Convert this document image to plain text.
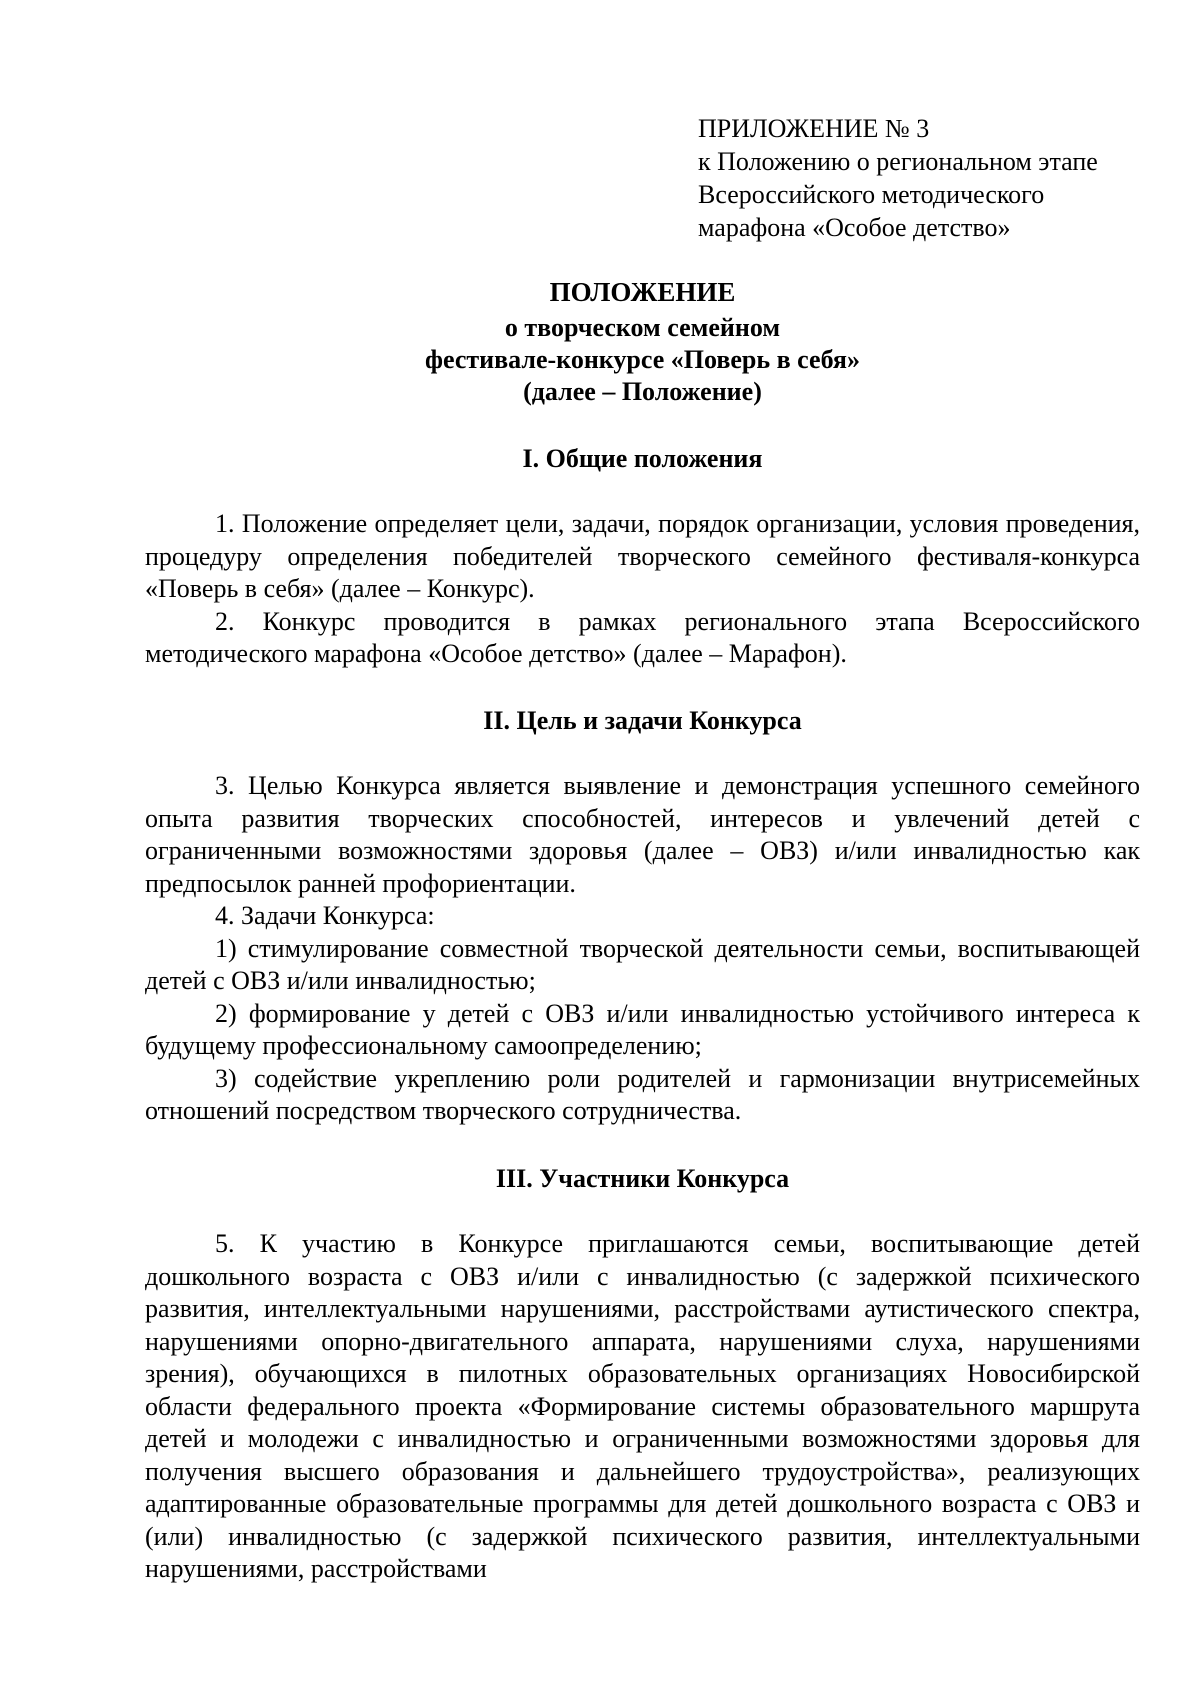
ПРИЛОЖЕНИЕ № 3
к Положению о региональном этапе
Всероссийского методического
марафона «Особое детство»
ПОЛОЖЕНИЕ
о творческом семейном
фестивале-конкурсе «Поверь в себя»
(далее – Положение)
I. Общие положения

1. Положение определяет цели, задачи, порядок организации, условия проведения, процедуру определения победителей творческого семейного фестиваля-конкурса «Поверь в себя» (далее – Конкурс).

2. Конкурс проводится в рамках регионального этапа Всероссийского методического марафона «Особое детство» (далее – Марафон).

II. Цель и задачи Конкурса

3. Целью Конкурса является выявление и демонстрация успешного семейного опыта развития творческих способностей, интересов и увлечений детей с ограниченными возможностями здоровья (далее – ОВЗ) и/или инвалидностью как предпосылок ранней профориентации.

4. Задачи Конкурса:

1) стимулирование совместной творческой деятельности семьи, воспитывающей детей с ОВЗ и/или инвалидностью;

2) формирование у детей с ОВЗ и/или инвалидностью устойчивого интереса к будущему профессиональному самоопределению;

3) содействие укреплению роли родителей и гармонизации внутрисемейных отношений посредством творческого сотрудничества.

III. Участники Конкурса

5. К участию в Конкурсе приглашаются семьи, воспитывающие детей дошкольного возраста с ОВЗ и/или с инвалидностью (с задержкой психического развития, интеллектуальными нарушениями, расстройствами аутистического спектра, нарушениями опорно-двигательного аппарата, нарушениями слуха, нарушениями зрения), обучающихся в пилотных образовательных организациях Новосибирской области федерального проекта «Формирование системы образовательного маршрута детей и молодежи с инвалидностью и ограниченными возможностями здоровья для получения высшего образования и дальнейшего трудоустройства», реализующих адаптированные образовательные программы для детей дошкольного возраста с ОВЗ и (или) инвалидностью (с задержкой психического развития, интеллектуальными нарушениями, расстройствами
